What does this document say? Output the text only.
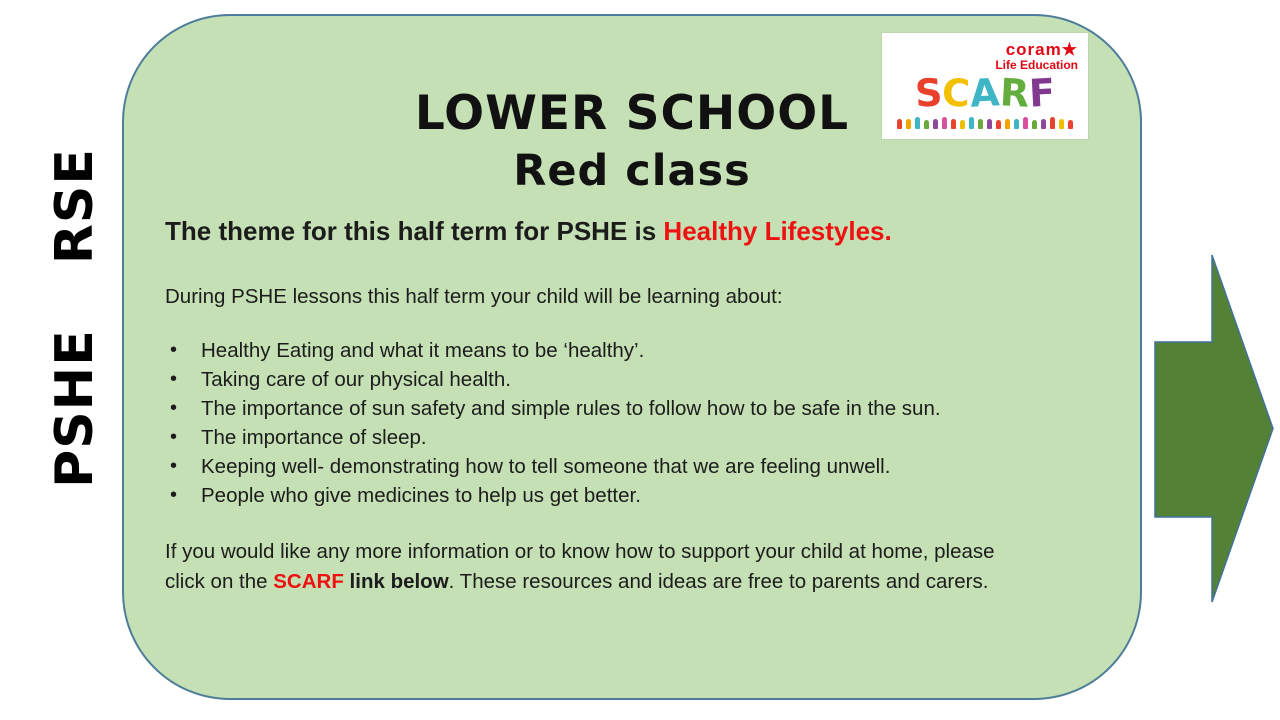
PSHE RSE
LOWER SCHOOL
Red class
coram★
Life Education
SCARF
The theme for this half term for PSHE is Healthy Lifestyles.
During PSHE lessons this half term your child will be learning about:
• Healthy Eating and what it means to be ‘healthy’.
• Taking care of our physical health.
• The importance of sun safety and simple rules to follow how to be safe in the sun.
• The importance of sleep.
• Keeping well- demonstrating how to tell someone that we are feeling unwell.
• People who give medicines to help us get better.
If you would like any more information or to know how to support your child at home, please
click on the SCARF link below. These resources and ideas are free to parents and carers.
